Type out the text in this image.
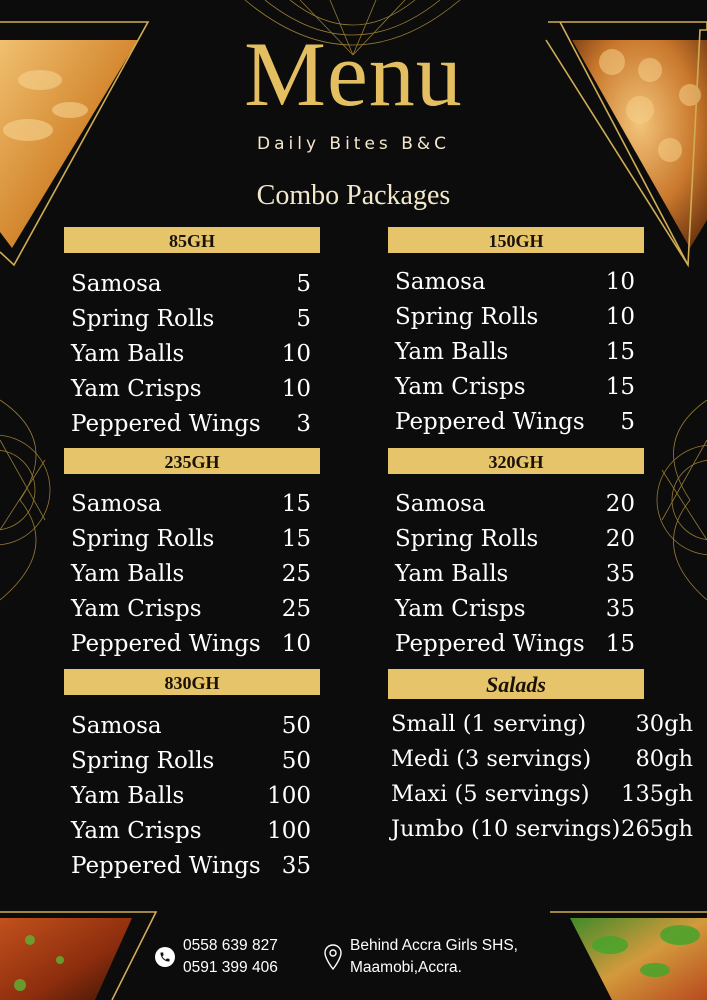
Menu
Daily Bites B&C
Combo Packages
85GH
Samosa	5
Spring Rolls	5
Yam Balls	10
Yam Crisps	10
Peppered Wings 3
150GH
Samosa	10
Spring Rolls	10
Yam Balls	15
Yam Crisps	15
Peppered Wings 5
235GH
Samosa	15
Spring Rolls	15
Yam Balls	25
Yam Crisps	25
Peppered Wings 10
320GH
Samosa	20
Spring Rolls	20
Yam Balls	35
Yam Crisps	35
Peppered Wings 15
830GH
Samosa	50
Spring Rolls	50
Yam Balls	100
Yam Crisps	100
Peppered Wings 35
Salads
Small (1 serving) 30gh
Medi (3 servings) 80gh
Maxi (5 servings) 135gh
Jumbo (10 servings) 265gh
0558 639 827
0591 399 406
Behind Accra Girls SHS,
Maamobi,Accra.
